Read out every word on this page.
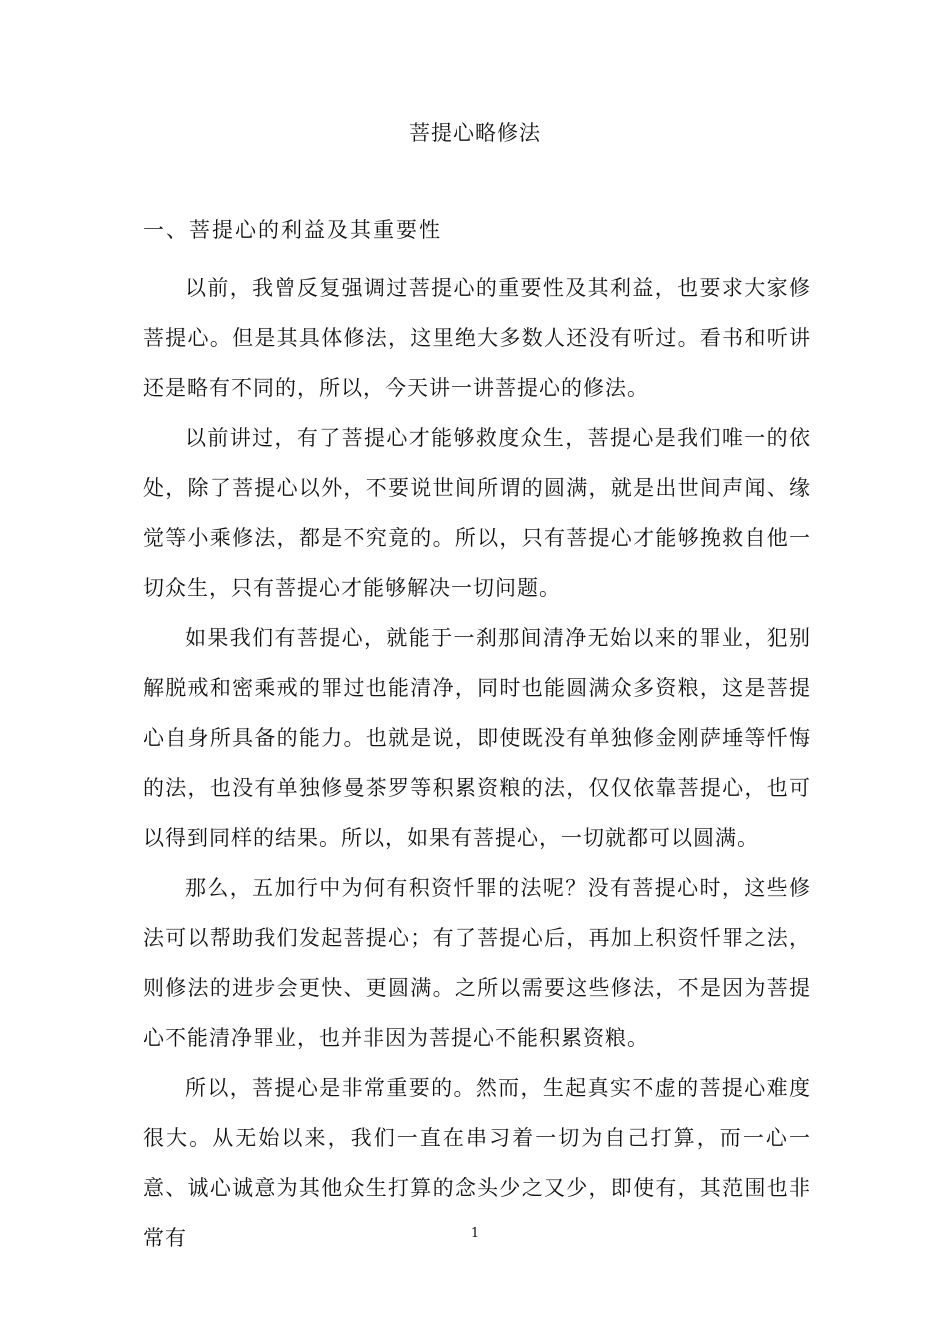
菩提心略修法
一、菩提心的利益及其重要性

以前，我曾反复强调过菩提心的重要性及其利益，也要求大家修菩提心。但是其具体修法，这里绝大多数人还没有听过。看书和听讲还是略有不同的，所以，今天讲一讲菩提心的修法。

以前讲过，有了菩提心才能够救度众生，菩提心是我们唯一的依处，除了菩提心以外，不要说世间所谓的圆满，就是出世间声闻、缘觉等小乘修法，都是不究竟的。所以，只有菩提心才能够挽救自他一切众生，只有菩提心才能够解决一切问题。

如果我们有菩提心，就能于一刹那间清净无始以来的罪业，犯别解脱戒和密乘戒的罪过也能清净，同时也能圆满众多资粮，这是菩提心自身所具备的能力。也就是说，即使既没有单独修金刚萨埵等忏悔的法，也没有单独修曼茶罗等积累资粮的法，仅仅依靠菩提心，也可以得到同样的结果。所以，如果有菩提心，一切就都可以圆满。

那么，五加行中为何有积资忏罪的法呢？没有菩提心时，这些修法可以帮助我们发起菩提心；有了菩提心后，再加上积资忏罪之法，则修法的进步会更快、更圆满。之所以需要这些修法，不是因为菩提心不能清净罪业，也并非因为菩提心不能积累资粮。

所以，菩提心是非常重要的。然而，生起真实不虚的菩提心难度很大。从无始以来，我们一直在串习着一切为自己打算，而一心一意、诚心诚意为其他众生打算的念头少之又少，即使有，其范围也非常有	1
